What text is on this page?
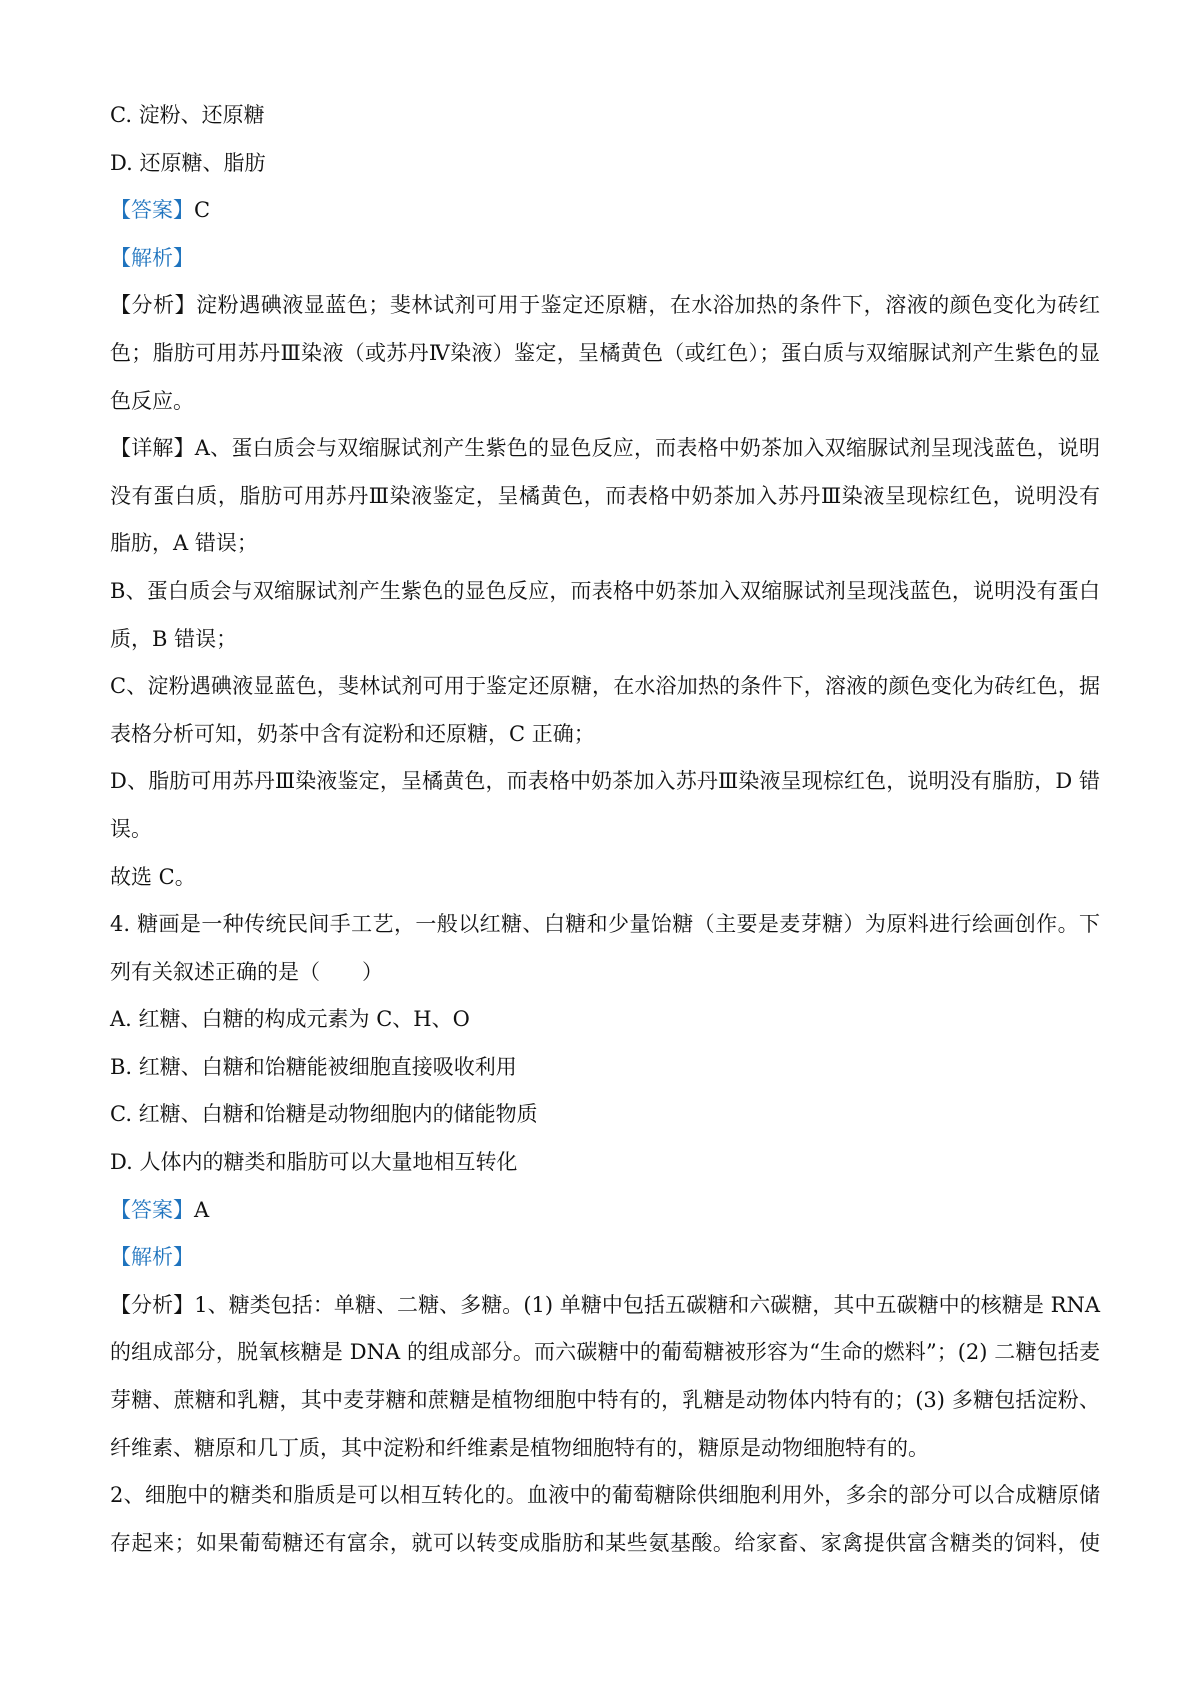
C. 淀粉、还原糖
D. 还原糖、脂肪
【答案】C
【解析】
【分析】淀粉遇碘液显蓝色；斐林试剂可用于鉴定还原糖，在水浴加热的条件下，溶液的颜色变化为砖红
色；脂肪可用苏丹Ⅲ染液（或苏丹Ⅳ染液）鉴定，呈橘黄色（或红色）；蛋白质与双缩脲试剂产生紫色的显
色反应。
【详解】A、蛋白质会与双缩脲试剂产生紫色的显色反应，而表格中奶茶加入双缩脲试剂呈现浅蓝色，说明
没有蛋白质，脂肪可用苏丹Ⅲ染液鉴定，呈橘黄色，而表格中奶茶加入苏丹Ⅲ染液呈现棕红色，说明没有
脂肪，A 错误；
B、蛋白质会与双缩脲试剂产生紫色的显色反应，而表格中奶茶加入双缩脲试剂呈现浅蓝色，说明没有蛋白
质，B 错误；
C、淀粉遇碘液显蓝色，斐林试剂可用于鉴定还原糖，在水浴加热的条件下，溶液的颜色变化为砖红色，据
表格分析可知，奶茶中含有淀粉和还原糖，C 正确；
D、脂肪可用苏丹Ⅲ染液鉴定，呈橘黄色，而表格中奶茶加入苏丹Ⅲ染液呈现棕红色，说明没有脂肪，D 错
误。
故选 C。
4. 糖画是一种传统民间手工艺，一般以红糖、白糖和少量饴糖（主要是麦芽糖）为原料进行绘画创作。下
列有关叙述正确的是（　　）
A. 红糖、白糖的构成元素为 C、H、O
B. 红糖、白糖和饴糖能被细胞直接吸收利用
C. 红糖、白糖和饴糖是动物细胞内的储能物质
D. 人体内的糖类和脂肪可以大量地相互转化
【答案】A
【解析】
【分析】1、糖类包括：单糖、二糖、多糖。(1) 单糖中包括五碳糖和六碳糖，其中五碳糖中的核糖是 RNA
的组成部分，脱氧核糖是 DNA 的组成部分。而六碳糖中的葡萄糖被形容为“生命的燃料”；(2) 二糖包括麦
芽糖、蔗糖和乳糖，其中麦芽糖和蔗糖是植物细胞中特有的，乳糖是动物体内特有的；(3) 多糖包括淀粉、
纤维素、糖原和几丁质，其中淀粉和纤维素是植物细胞特有的，糖原是动物细胞特有的。
2、细胞中的糖类和脂质是可以相互转化的。血液中的葡萄糖除供细胞利用外，多余的部分可以合成糖原储
存起来；如果葡萄糖还有富余，就可以转变成脂肪和某些氨基酸。给家畜、家禽提供富含糖类的饲料，使
